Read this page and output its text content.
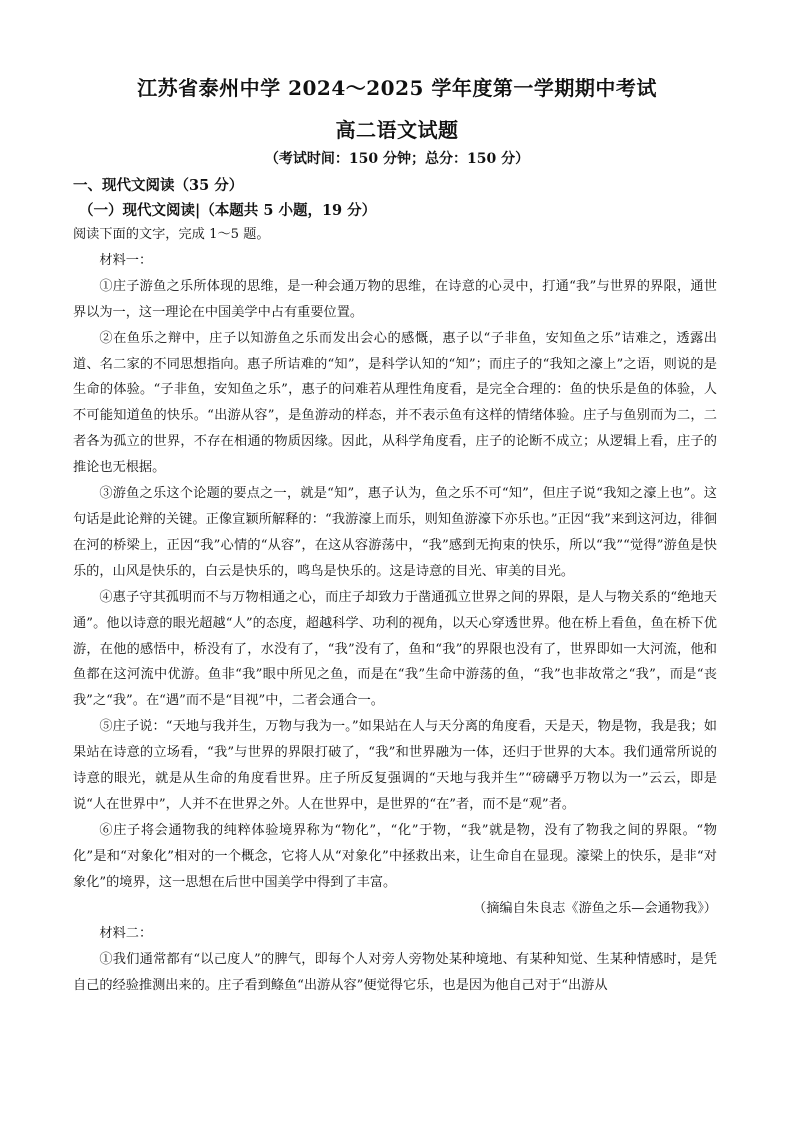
江苏省泰州中学 2024～2025 学年度第一学期期中考试
高二语文试题
（考试时间：150 分钟；总分：150 分）
一、现代文阅读（35 分）
（一）现代文阅读|（本题共 5 小题，19 分）

阅读下面的文字，完成 1～5 题。

材料一：

①庄子游鱼之乐所体现的思维，是一种会通万物的思维，在诗意的心灵中，打通“我”与世界的界限，通世界以为一，这一理论在中国美学中占有重要位置。

②在鱼乐之辩中，庄子以知游鱼之乐而发出会心的感慨，惠子以“子非鱼，安知鱼之乐”诘难之，透露出道、名二家的不同思想指向。惠子所诘难的“知”，是科学认知的“知”；而庄子的“我知之濠上”之语，则说的是生命的体验。“子非鱼，安知鱼之乐”，惠子的问难若从理性角度看，是完全合理的：鱼的快乐是鱼的体验，人不可能知道鱼的快乐。“出游从容”，是鱼游动的样态，并不表示鱼有这样的情绪体验。庄子与鱼别而为二，二者各为孤立的世界，不存在相通的物质因缘。因此，从科学角度看，庄子的论断不成立；从逻辑上看，庄子的推论也无根据。

③游鱼之乐这个论题的要点之一，就是“知”，惠子认为，鱼之乐不可“知”，但庄子说“我知之濠上也”。这句话是此论辩的关键。正像宣颖所解释的：“我游濠上而乐，则知鱼游濠下亦乐也。”正因“我”来到这河边，徘徊在河的桥梁上，正因“我”心情的“从容”，在这从容游荡中，“我”感到无拘束的快乐，所以“我”“觉得”游鱼是快乐的，山风是快乐的，白云是快乐的，鸣鸟是快乐的。这是诗意的目光、审美的目光。

④惠子守其孤明而不与万物相通之心，而庄子却致力于凿通孤立世界之间的界限，是人与物关系的“绝地天通”。他以诗意的眼光超越“人”的态度，超越科学、功利的视角，以天心穿透世界。他在桥上看鱼，鱼在桥下优游，在他的感悟中，桥没有了，水没有了，“我”没有了，鱼和“我”的界限也没有了，世界即如一大河流，他和鱼都在这河流中优游。鱼非“我”眼中所见之鱼，而是在“我”生命中游荡的鱼，“我”也非故常之“我”，而是“丧我”之“我”。在“遇”而不是“目视”中，二者会通合一。

⑤庄子说：“天地与我并生，万物与我为一。”如果站在人与天分离的角度看，天是天，物是物，我是我；如果站在诗意的立场看，“我”与世界的界限打破了，“我”和世界融为一体，还归于世界的大本。我们通常所说的诗意的眼光，就是从生命的角度看世界。庄子所反复强调的“天地与我并生”“磅礴乎万物以为一”云云，即是说“人在世界中”，人并不在世界之外。人在世界中，是世界的“在”者，而不是“观”者。

⑥庄子将会通物我的纯粹体验境界称为“物化”，“化”于物，“我”就是物，没有了物我之间的界限。“物化”是和“对象化”相对的一个概念，它将人从“对象化”中拯救出来，让生命自在显现。濠梁上的快乐，是非“对象化”的境界，这一思想在后世中国美学中得到了丰富。

（摘编自朱良志《游鱼之乐—会通物我》）

材料二：

①我们通常都有“以己度人”的脾气，即每个人对旁人旁物处某种境地、有某种知觉、生某种情感时，是凭自己的经验推测出来的。庄子看到鲦鱼“出游从容”便觉得它乐，也是因为他自己对于“出游从
